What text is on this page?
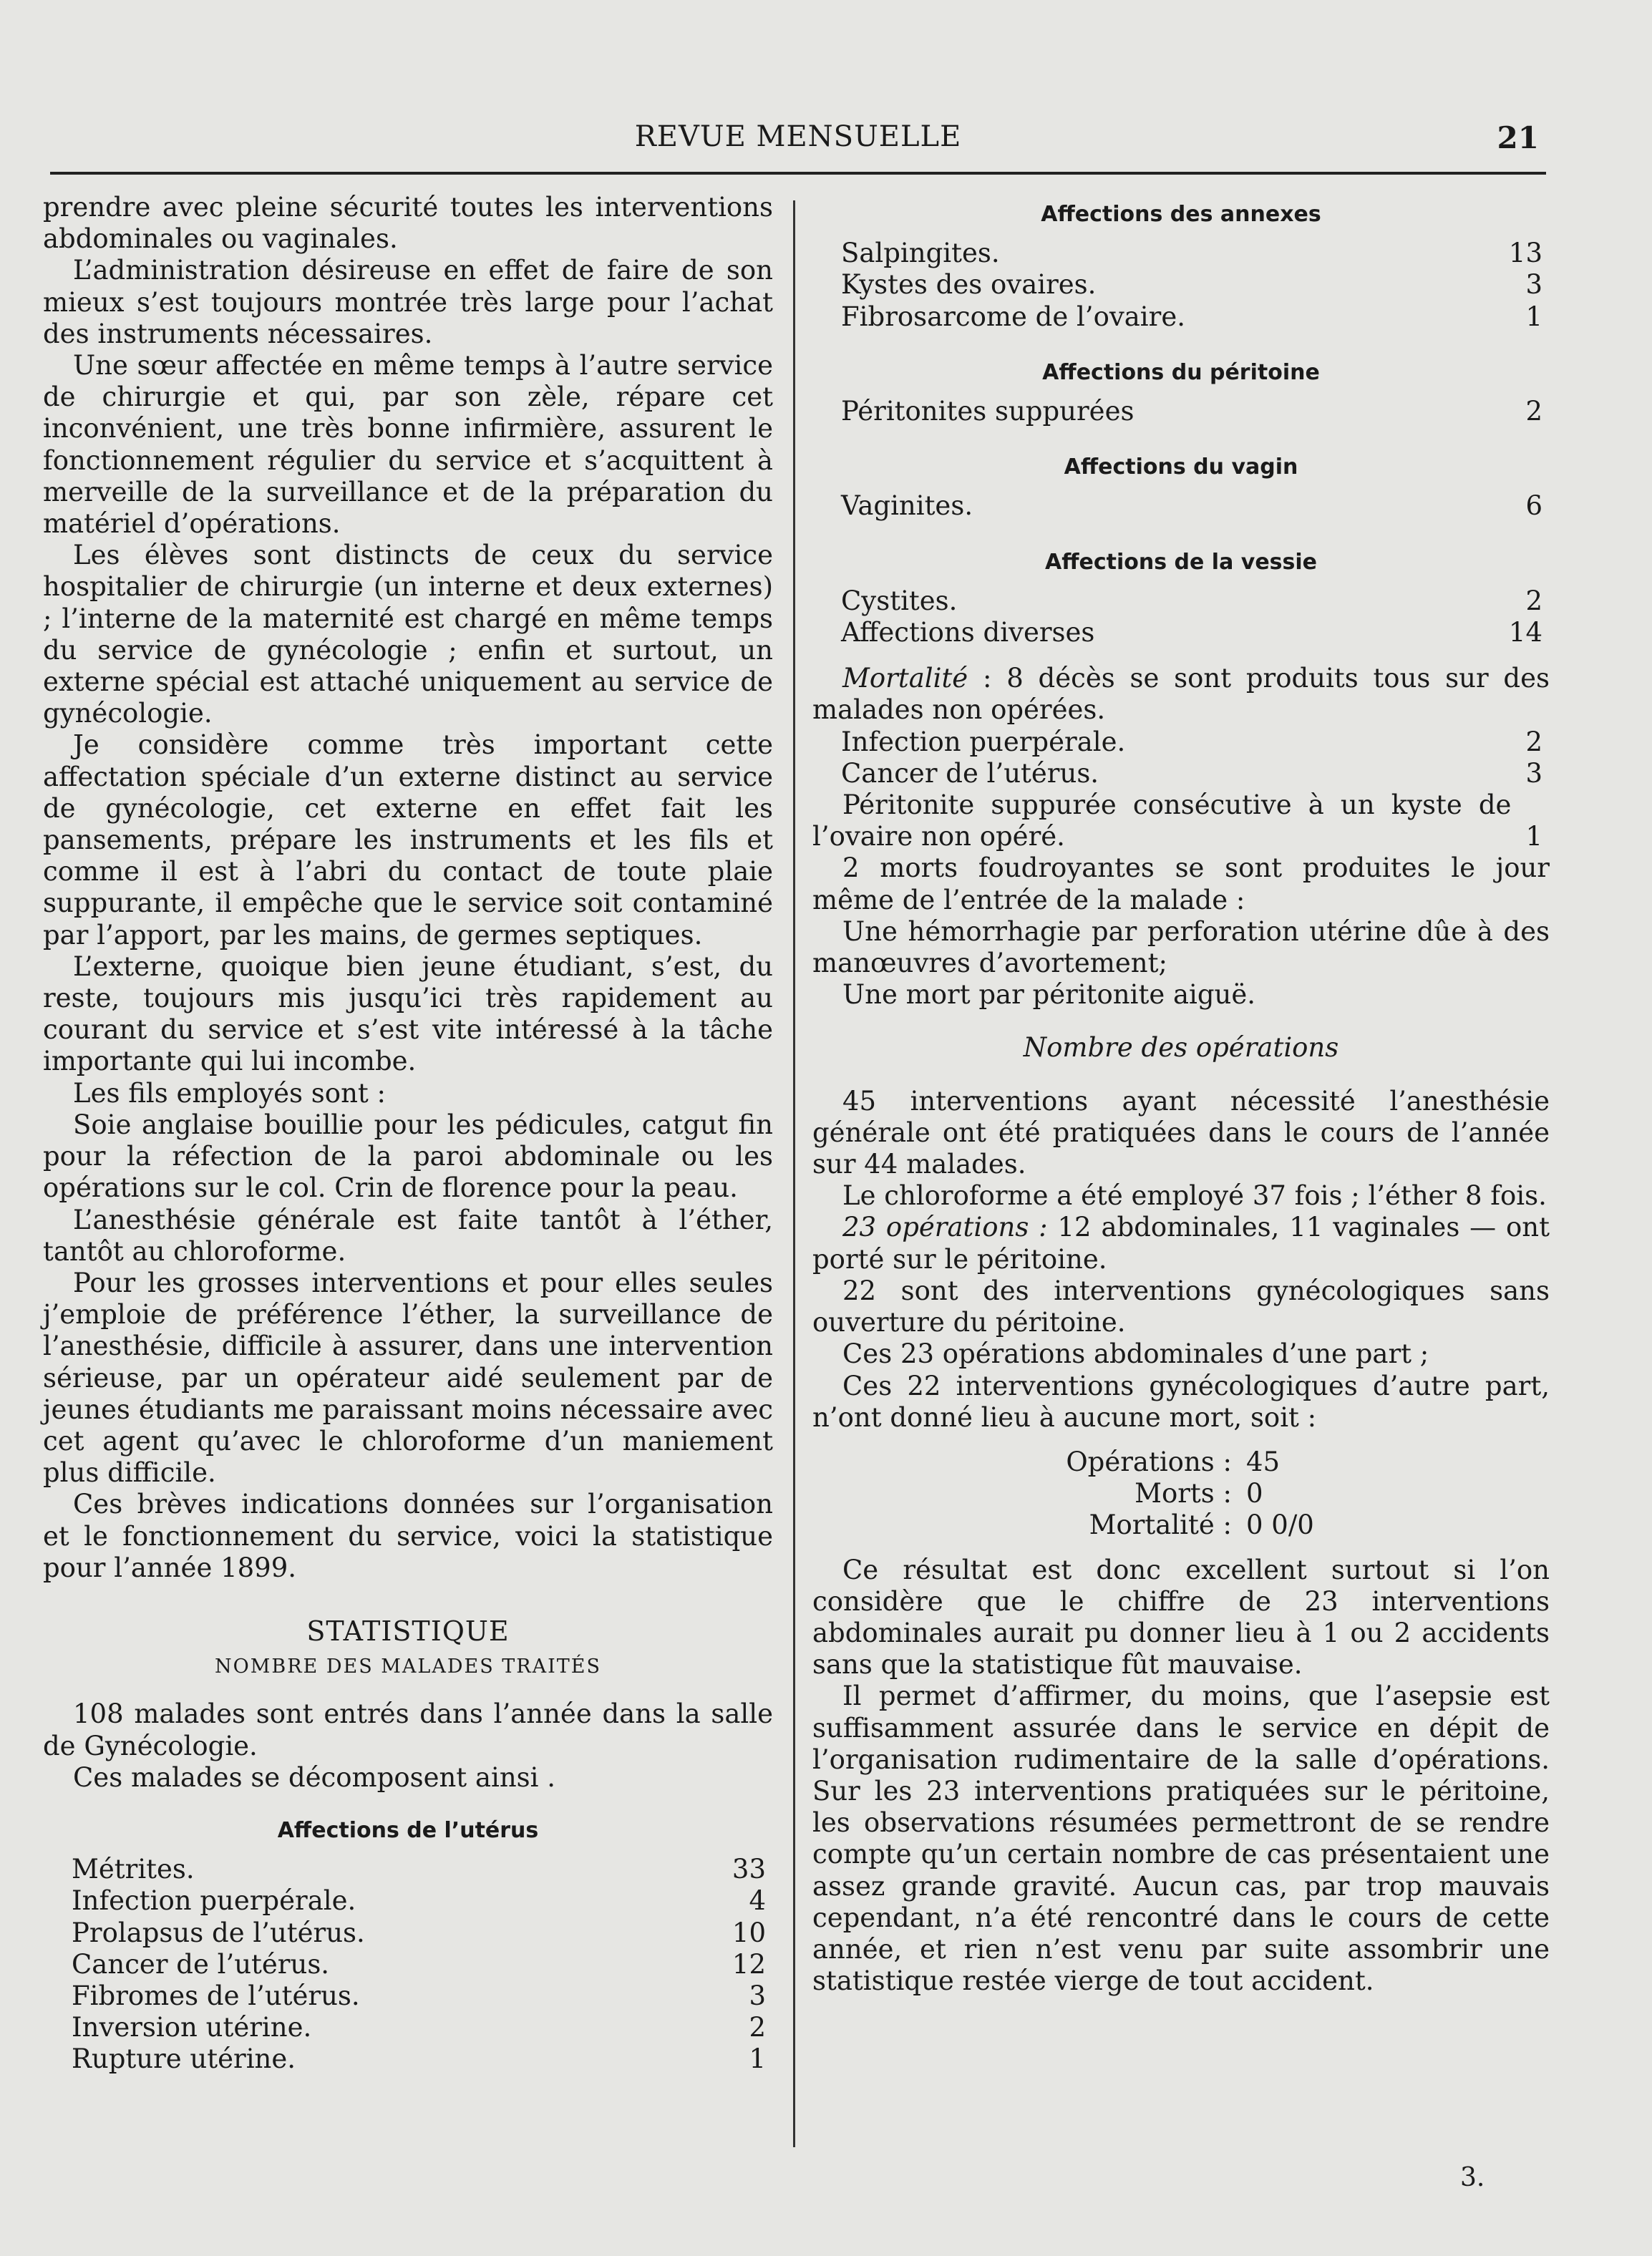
REVUE MENSUELLE	21

prendre avec pleine sécurité toutes les interventions abdominales ou vaginales.

L’administration désireuse en effet de faire de son mieux s’est toujours montrée très large pour l’achat des instruments nécessaires.

Une sœur affectée en même temps à l’autre service de chirurgie et qui, par son zèle, répare cet inconvénient, une très bonne infirmière, assurent le fonctionnement régulier du service et s’acquittent à merveille de la surveillance et de la préparation du matériel d’opérations.

Les élèves sont distincts de ceux du service hospitalier de chirurgie (un interne et deux externes) ; l’interne de la maternité est chargé en même temps du service de gynécologie ; enfin et surtout, un externe spécial est attaché uniquement au service de gynécologie.

Je considère comme très important cette affectation spéciale d’un externe distinct au service de gynécologie, cet externe en effet fait les pansements, prépare les instruments et les fils et comme il est à l’abri du contact de toute plaie suppurante, il empêche que le service soit contaminé par l’apport, par les mains, de germes septiques.

L’externe, quoique bien jeune étudiant, s’est, du reste, toujours mis jusqu’ici très rapidement au courant du service et s’est vite intéressé à la tâche importante qui lui incombe.

Les fils employés sont :

Soie anglaise bouillie pour les pédicules, catgut fin pour la réfection de la paroi abdominale ou les opérations sur le col. Crin de florence pour la peau.

L’anesthésie générale est faite tantôt à l’éther, tantôt au chloroforme.

Pour les grosses interventions et pour elles seules j’emploie de préférence l’éther, la surveillance de l’anesthésie, difficile à assurer, dans une intervention sérieuse, par un opérateur aidé seulement par de jeunes étudiants me paraissant moins nécessaire avec cet agent qu’avec le chloroforme d’un maniement plus difficile.

Ces brèves indications données sur l’organisation et le fonctionnement du service, voici la statistique pour l’année 1899.

STATISTIQUE
NOMBRE DES MALADES TRAITÉS

108 malades sont entrés dans l’année dans la salle de Gynécologie.

Ces malades se décomposent ainsi .

Affections de l’utérus
Métrites.	33
Infection puerpérale.	4
Prolapsus de l’utérus.	10
Cancer de l’utérus.	12
Fibromes de l’utérus.	3
Inversion utérine.	2
Rupture utérine.	1
Affections des annexes
Salpingites.	13
Kystes des ovaires.	3
Fibrosarcome de l’ovaire.	1
Affections du péritoine
Péritonites suppurées	2
Affections du vagin
Vaginites.	6
Affections de la vessie
Cystites.	2
Affections diverses	14

Mortalité : 8 décès se sont produits tous sur des malades non opérées.

Infection puerpérale.	2
Cancer de l’utérus.	3

Péritonite suppurée consécutive à un kyste de l’ovaire non opéré.	1

2 morts foudroyantes se sont produites le jour même de l’entrée de la malade :

Une hémorrhagie par perforation utérine dûe à des manœuvres d’avortement;

Une mort par péritonite aiguë.

Nombre des opérations

45 interventions ayant nécessité l’anesthésie générale ont été pratiquées dans le cours de l’année sur 44 malades.

Le chloroforme a été employé 37 fois ; l’éther 8 fois.

23 opérations : 12 abdominales, 11 vaginales — ont porté sur le péritoine.

22 sont des interventions gynécologiques sans ouverture du péritoine.

Ces 23 opérations abdominales d’une part ;

Ces 22 interventions gynécologiques d’autre part, n’ont donné lieu à aucune mort, soit :

Opérations : 45
Morts : 0
Mortalité : 0 0/0

Ce résultat est donc excellent surtout si l’on considère que le chiffre de 23 interventions abdominales aurait pu donner lieu à 1 ou 2 accidents sans que la statistique fût mauvaise.

Il permet d’affirmer, du moins, que l’asepsie est suffisamment assurée dans le service en dépit de l’organisation rudimentaire de la salle d’opérations. Sur les 23 interventions pratiquées sur le péritoine, les observations résumées permettront de se rendre compte qu’un certain nombre de cas présentaient une assez grande gravité. Aucun cas, par trop mauvais cependant, n’a été rencontré dans le cours de cette année, et rien n’est venu par suite assombrir une statistique restée vierge de tout accident.

3.
